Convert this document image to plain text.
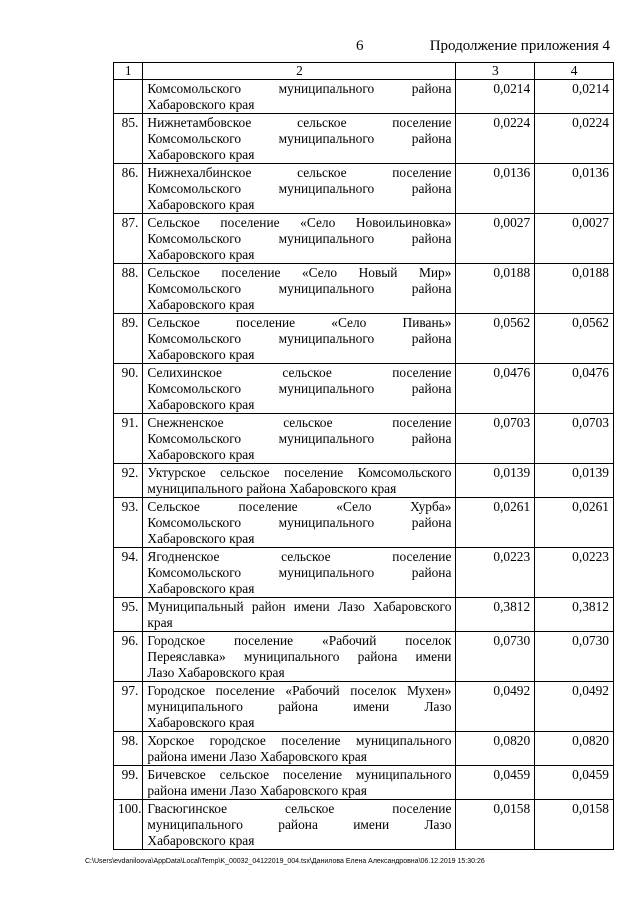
6	Продолжение приложения 4
1	2	3	4

	Комсомольского муниципального района
Хабаровского края	0,0214	0,0214
85.	Нижнетамбовское сельское поселение
Комсомольского муниципального района
Хабаровского края	0,0224	0,0224
86.	Нижнехалбинское сельское поселение
Комсомольского муниципального района
Хабаровского края	0,0136	0,0136
87.	Сельское поселение «Село Новоильиновка»
Комсомольского муниципального района
Хабаровского края	0,0027	0,0027
88.	Сельское поселение «Село Новый Мир»
Комсомольского муниципального района
Хабаровского края	0,0188	0,0188
89.	Сельское поселение «Село Пивань»
Комсомольского муниципального района
Хабаровского края	0,0562	0,0562
90.	Селихинское сельское поселение
Комсомольского муниципального района
Хабаровского края	0,0476	0,0476
91.	Снежненское сельское поселение
Комсомольского муниципального района
Хабаровского края	0,0703	0,0703
92.	Уктурское сельское поселение Комсомольского
муниципального района Хабаровского края	0,0139	0,0139
93.	Сельское поселение «Село Хурба»
Комсомольского муниципального района
Хабаровского края	0,0261	0,0261
94.	Ягодненское сельское поселение
Комсомольского муниципального района
Хабаровского края	0,0223	0,0223
95.	Муниципальный район имени Лазо Хабаровского
края	0,3812	0,3812
96.	Городское поселение «Рабочий поселок
Переяславка» муниципального района имени
Лазо Хабаровского края	0,0730	0,0730
97.	Городское поселение «Рабочий поселок Мухен»
муниципального района имени Лазо
Хабаровского края	0,0492	0,0492
98.	Хорское городское поселение муниципального
района имени Лазо Хабаровского края	0,0820	0,0820
99.	Бичевское сельское поселение муниципального
района имени Лазо Хабаровского края	0,0459	0,0459
100.	Гвасюгинское сельское поселение
муниципального района имени Лазо
Хабаровского края	0,0158	0,0158
C:\Users\evdaniloova\AppData\Local\Temp\K_00032_04122019_004.tsx\Данилова Елена Александровна\06.12.2019 15:30:26
